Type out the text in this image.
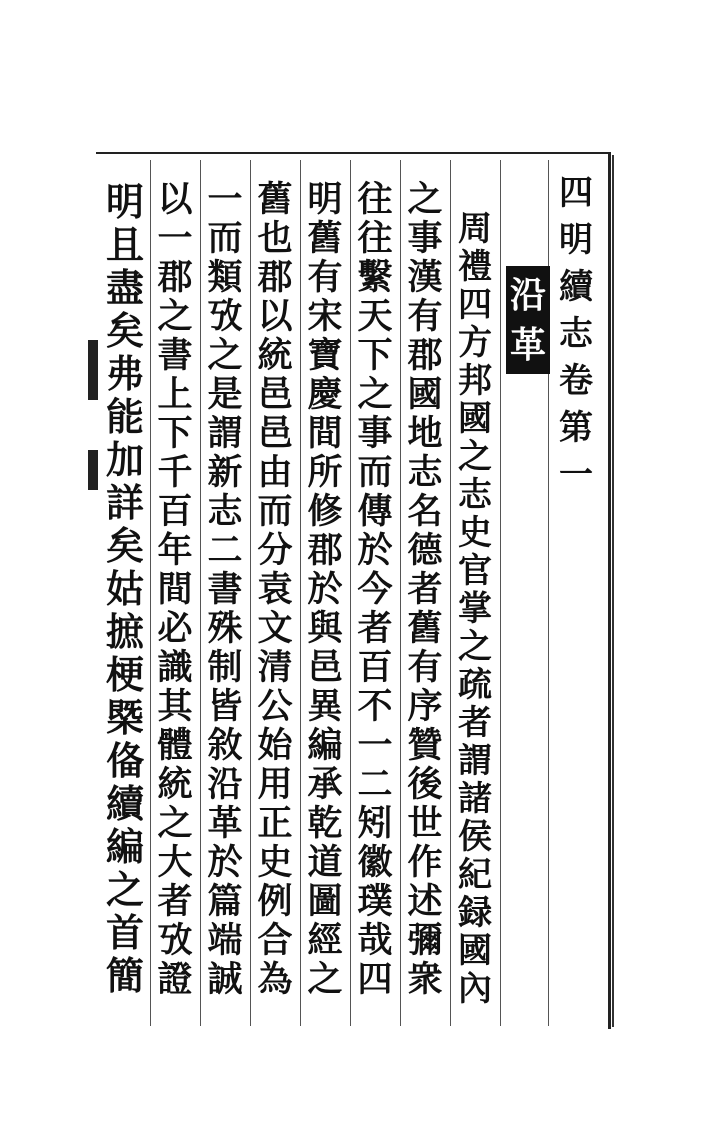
四
明
續
志
卷
第
一
沿
革
周
禮
四
方
邦
國
之
志
史
官
掌
之
疏
者
謂
諸
侯
紀
録
國
內
之
事
漢
有
郡
國
地
志
名
德
者
舊
有
序
贊
後
世
作
述
彌
衆
往
往
繫
天
下
之
事
而
傳
於
今
者
百
不
一
二
矧
徽
璞
哉
四
明
舊
有
宋
寶
慶
間
所
修
郡
於
與
邑
異
編
承
乾
道
圖
經
之
舊
也
郡
以
統
邑
邑
由
而
分
袁
文
清
公
始
用
正
史
例
合
為
一
而
類
攷
之
是
謂
新
志
二
書
殊
制
皆
敘
沿
革
於
篇
端
誠
以
一
郡
之
書
上
下
千
百
年
間
必
識
其
體
統
之
大
者
攷
證
明
且
盡
矣
弗
能
加
詳
矣
姑
摭
梗
槩
俻
續
編
之
首
簡
